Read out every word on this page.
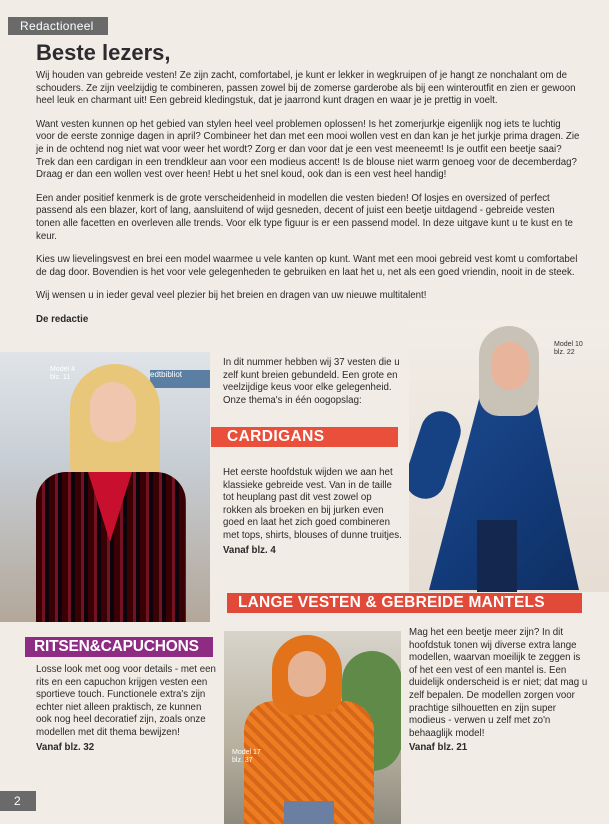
Redactioneel
Beste lezers,

Wij houden van gebreide vesten! Ze zijn zacht, comfortabel, je kunt er lekker in wegkruipen of je hangt ze nonchalant om de schouders. Ze zijn veelzijdig te combineren, passen zowel bij de zomerse garderobe als bij een winteroutfit en zien er gewoon heel leuk en charmant uit! Een gebreid kledingstuk, dat je jaarrond kunt dragen en waar je je prettig in voelt.

Want vesten kunnen op het gebied van stylen heel veel problemen oplossen! Is het zomerjurkje eigenlijk nog iets te luchtig voor de eerste zonnige dagen in april? Combineer het dan met een mooi wollen vest en dan kan je het jurkje prima dragen. Zie je in de ochtend nog niet wat voor weer het wordt? Zorg er dan voor dat je een vest meeneemt! Is je outfit een beetje saai? Trek dan een cardigan in een trendkleur aan voor een modieus accent! Is de blouse niet warm genoeg voor de decemberdag? Draag er dan een wollen vest over heen! Hebt u het snel koud, ook dan is een vest heel handig!

Een ander positief kenmerk is de grote verscheidenheid in modellen die vesten bieden! Of losjes en oversized of perfect passend als een blazer, kort of lang, aansluitend of wijd gesneden, decent of juist een beetje uitdagend - gebreide vesten tonen alle facetten en overleven alle trends. Voor elk type figuur is er een passend model. In deze uitgave kunt u te kust en te keur.

Kies uw lievelingsvest en brei een model waarmee u vele kanten op kunt. Want met een mooi gebreid vest komt u comfortabel de dag door. Bovendien is het voor vele gelegenheden te gebruiken en laat het u, net als een goed vriendin, nooit in de steek.

Wij wensen u in ieder geval veel plezier bij het breien en dragen van uw nieuwe multitalent!

De redactie

edtbibliot
Model 4
blz. 11
Model 10
blz. 22
Model 17
blz. 37
In dit nummer hebben wij 37 vesten die u zelf kunt breien gebundeld. Een grote en veelzijdige keus voor elke gelegenheid. Onze thema's in één oogopslag:
CARDIGANS
Het eerste hoofdstuk wijden we aan het klassieke gebreide vest. Van in de taille tot heuplang past dit vest zowel op rokken als broeken en bij jurken even goed en laat het zich goed combineren met tops, shirts, blouses of dunne truitjes.
Vanaf blz. 4
LANGE VESTEN & GEBREIDE MANTELS
Mag het een beetje meer zijn? In dit hoofdstuk tonen wij diverse extra lange modellen, waarvan moeilijk te zeggen is of het een vest of een mantel is. Een duidelijk onderscheid is er niet; dat mag u zelf bepalen. De modellen zorgen voor prachtige silhouetten en zijn super modieus - verwen u zelf met zo'n behaaglijk model!
Vanaf blz. 21
RITSEN&CAPUCHONS
Losse look met oog voor details - met een rits en een capuchon krijgen vesten een sportieve touch. Functionele extra's zijn echter niet alleen praktisch, ze kunnen ook nog heel decoratief zijn, zoals onze modellen met dit thema bewijzen!
Vanaf blz. 32
2
